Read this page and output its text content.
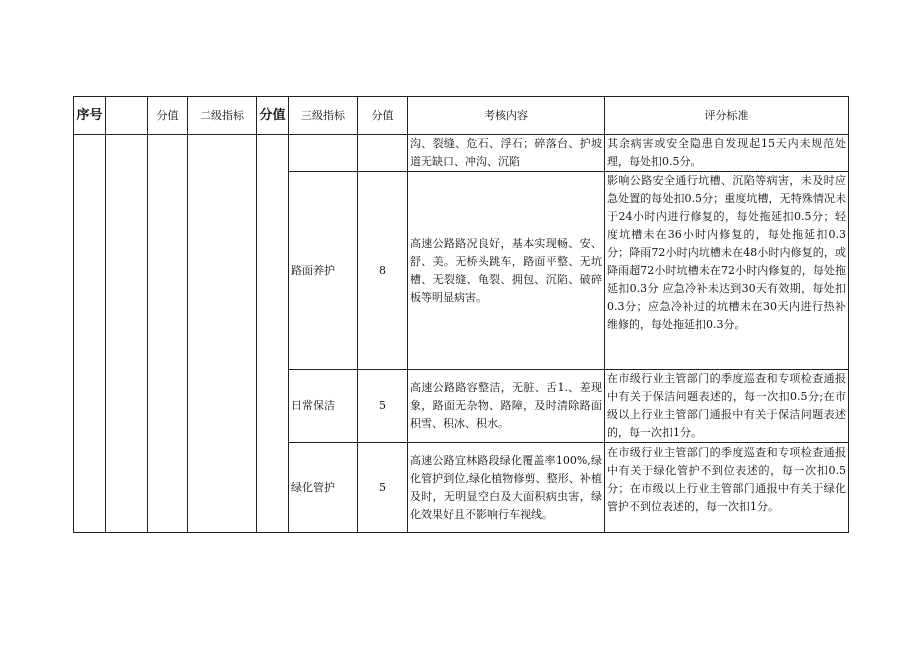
序号		分值	二级指标	分值	三级指标	分值	考核内容	评分标准
							沟、裂缝、危石、浮石；碎落台、护坡道无缺口、冲沟、沉陷	其余病害或安全隐患自发现起15天内未规范处理，每处扣0.5分。
					路面养护	8	高速公路路况良好，基本实现畅、安、舒、美。无桥头跳车，路面平整、无坑槽、无裂缝、龟裂、拥包、沉陷、破碎板等明显病害。	影响公路安全通行坑槽、沉陷等病害，未及时应急处置的每处扣0.5分；重度坑槽，无特殊情况未于24小时内进行修复的，每处拖延扣0.5分；轻度坑槽未在36小时内修复的，每处拖延扣0.3分；降雨72小时内坑槽未在48小时内修复的，或降雨超72小时坑槽未在72小时内修复的，每处拖延扣0.3分 应急冷补未达到30天有效期，每处扣0.3分；应急冷补过的坑槽未在30天内进行热补维修的，每处拖延扣0.3分。
					日常保洁	5	高速公路路容整洁，无脏、舌1.、差现象，路面无杂物、路障，及时清除路面积雪、积冰、积水。	在市级行业主管部门的季度巡查和专项检查通报中有关于保洁问题表述的，每一次扣0.5分;在市级以上行业主管部门通报中有关于保洁问题表述的，每一次扣1分。
					绿化管护	5	高速公路宜林路段绿化覆盖率100%,绿化管护到位,绿化植物修剪、整形、补植及时，无明显空白及大面积病虫害，绿化效果好且不影响行车视线。	在市级行业主管部门的季度巡查和专项检查通报中有关于绿化管护不到位表述的，每一次扣0.5分；在市级以上行业主管部门通报中有关于绿化管护不到位表述的，每一次扣1分。
